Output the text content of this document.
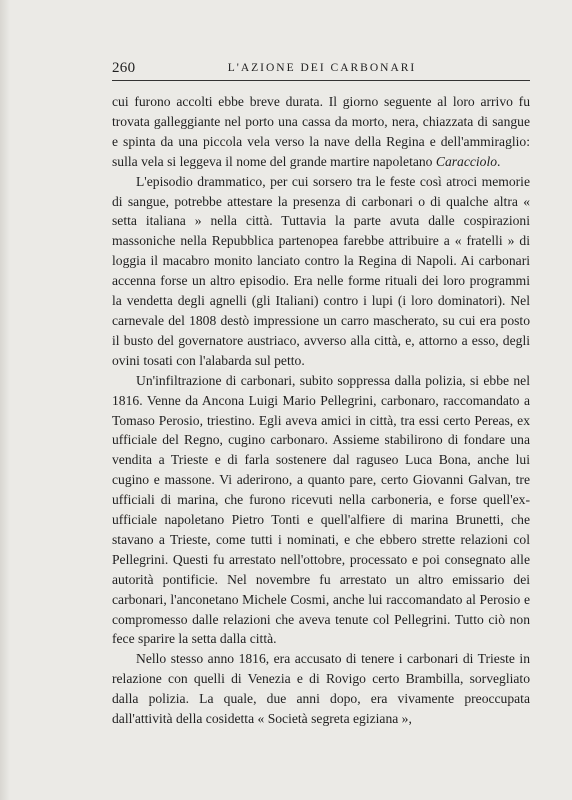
260	L'AZIONE DEI CARBONARI

cui furono accolti ebbe breve durata. Il giorno seguente al loro arrivo fu trovata galleggiante nel porto una cassa da morto, nera, chiazzata di sangue e spinta da una piccola vela verso la nave della Regina e dell'ammiraglio: sulla vela si leggeva il nome del grande martire napoletano Caracciolo.

L'episodio drammatico, per cui sorsero tra le feste così atroci memorie di sangue, potrebbe attestare la presenza di carbonari o di qualche altra « setta italiana » nella città. Tuttavia la parte avuta dalle cospirazioni massoniche nella Repubblica partenopea farebbe attribuire a « fratelli » di loggia il macabro monito lanciato contro la Regina di Napoli. Ai carbonari accenna forse un altro episodio. Era nelle forme rituali dei loro programmi la vendetta degli agnelli (gli Italiani) contro i lupi (i loro dominatori). Nel carnevale del 1808 destò impressione un carro mascherato, su cui era posto il busto del governatore austriaco, avverso alla città, e, attorno a esso, degli ovini tosati con l'alabarda sul petto.

Un'infiltrazione di carbonari, subito soppressa dalla polizia, si ebbe nel 1816. Venne da Ancona Luigi Mario Pellegrini, carbonaro, raccomandato a Tomaso Perosio, triestino. Egli aveva amici in città, tra essi certo Pereas, ex ufficiale del Regno, cugino carbonaro. Assieme stabilirono di fondare una vendita a Trieste e di farla sostenere dal raguseo Luca Bona, anche lui cugino e massone. Vi aderirono, a quanto pare, certo Giovanni Galvan, tre ufficiali di marina, che furono ricevuti nella carboneria, e forse quell'ex-ufficiale napoletano Pietro Tonti e quell'alfiere di marina Brunetti, che stavano a Trieste, come tutti i nominati, e che ebbero strette relazioni col Pellegrini. Questi fu arrestato nell'ottobre, processato e poi consegnato alle autorità pontificie. Nel novembre fu arrestato un altro emissario dei carbonari, l'anconetano Michele Cosmi, anche lui raccomandato al Perosio e compromesso dalle relazioni che aveva tenute col Pellegrini. Tutto ciò non fece sparire la setta dalla città.

Nello stesso anno 1816, era accusato di tenere i carbonari di Trieste in relazione con quelli di Venezia e di Rovigo certo Brambilla, sorvegliato dalla polizia. La quale, due anni dopo, era vivamente preoccupata dall'attività della cosidetta « Società segreta egiziana »,
